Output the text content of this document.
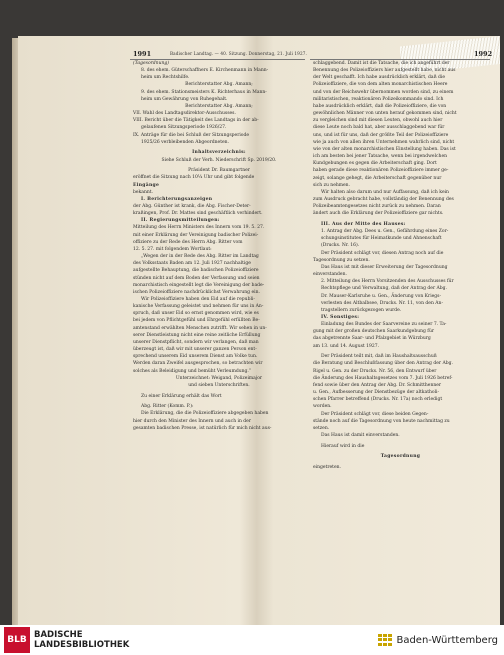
1991	Badischer Landtag. — 40. Sitzung. Donnerstag, 21. Juli 1927.	1992

(Tagesordnung)

8. des ehem. Güterschaffners E. Kirchenmann in Mann-

heim um Rechtshilfe.

Berichterstatter Abg. Amann;

9. des ehem. Stationsmeisters K. Richterhaus in Mann-

heim um Gewährung von Ruhegehalt.

Berichterstatter Abg. Amann;

VII. Wahl des Landtagsdirektor-Ausschusses.

VIII. Bericht über die Tätigkeit des Landtags in der ab-

gelaufenen Sitzungsperiode 1926/27.

IX. Anträge für die bei Schluß der Sitzungsperiode

1925/26 verbleibenden Abgeordneten.

Inhaltsverzeichnis:

Siehe Schluß der Verh. Niederschrift Sp. 2019/20.

Präsident Dr. Baumgartner

eröffnet die Sitzung nach 10¼ Uhr und gibt folgende

Eingänge

bekannt.

I. Berichterungsanzeigen

der Abg. Günther ist krank, die Abg. Fischer-Deter-

kraßingen, Prof. Dr. Mattes sind geschäftlich verhindert.

II. Regierungsmitteilungen:

Mitteilung des Herrn Ministers des Innern vom 19. 5. 27.

mit einer Erklärung der Vereinigung badischer Polizei-

offiziere zu der Rede des Herrn Abg. Ritter vom

12. 5. 27. mit folgendem Wortlaut:

„Wegen der in der Rede des Abg. Ritter im Landtag

des Volksstaats Baden am 12. Juli 1927 nachhaltige

aufgestellte Behauptung, die badischen Polizeioffiziere

stünden nicht auf dem Boden der Verfassung und seien

monarchistisch eingestellt legt die Vereinigung der bade-

ischen Polizeioffiziere nachdrücklichst Verwahrung ein.

Wir Polizeioffiziere haben den Eid auf die republi-

kanische Verfassung geleistet und nehmen für uns in An-

spruch, daß unser Eid so ernst genommen wird, wie es

bei jedem von Pflichtgefühl und Ehrgefühl erfüllten Be-

amtenstand erwählten Menschen zutrifft. Wir sehen in un-

serer Dienstleistung nicht eine reine zeitliche Erfüllung

unserer Dienstpflicht, sondern wir verlangen, daß man

überzeugt ist, daß wir mit unserer ganzen Person ent-

sprechend unserem Eid unserem Dienst am Volke tun.

Werden daran Zweifel ausgesprochen, so betrachten wir

solches als Beleidigung und bemüht Verleumdung.“

Unterzeichnet: Weigand, Polizeimajor

und sieben Unterschriften.

Zu einer Erklärung erhält das Wort

Abg. Ritter (Komm. P.):

Die Erklärung, die die Polizeioffiziere abgegeben haben

hier durch den Minister des Innern und auch in der

gesamten badischen Presse, ist natürlich für mich nicht aus-

schlaggebend. Damit ist die Tatsache, die ich angeführt der

Benennung des Polizeioffiziers hier aufgestellt habe, nicht aus

der Welt geschafft. Ich habe ausdrücklich erklärt, daß die

Polizeioffiziere, die von dem alten monarchistischen Heere

und von der Reichswehr übernommen worden sind, zu einem

militaristischen, reaktionären Polizeikommando sind. Ich

habe ausdrücklich erklärt, daß die Polizeioffiziere, die von

gewöhnlichen Männer von unten herauf gekommen sind, nicht

zu vergleichen sind mit diesen Leuten, obwohl auch hier

diese Leute noch bald hat, aber ausschlaggebend war für

uns, und ist für uns, daß der größte Teil der Polizeioffiziere

wie ja auch von allen ihren Unternehmen wahrlich sind, nicht

wie von der alten monarchistischen Einstellung haben. Das ist

ich am besten bei jener Tatsache, wenn bei irgendwelchen

Kundgebungen es gegen die Arbeiterschaft ging. Dort

haben gerade diese reaktionären Polizeioffiziere immer ge-

zeigt, solange gehegt, die Arbeiterschaft gegenüber nur

sich zu nehmen.

Wir halten also darum und nur Auffassung, daß ich kein

zum Ausdruck gebracht habe, vollständig der Benennung des

Polizeibeamtengesetzes nicht zurück zu nehmen. Daran

ändert auch die Erklärung der Polizeioffiziere gar nichts.

III. Aus der Mitte des Hauses:

1. Antrag der Abg. Dees u. Gen., Gefährdung eines Zor-

schungsinstitutes für Heimatkunde und Ahnenschaft

(Drucks. Nr. 16).

Der Präsident schlägt vor, diesen Antrag noch auf die

Tagesordnung zu setzen.

Das Haus ist mit dieser Erweiterung der Tagesordnung

einverstanden.

2. Mitteilung des Herrn Vorsitzenden des Ausschusses für

Rechtspflege und Verwaltung, daß der Antrag der Abg.

Dr. Mauser-Karlsruhe u. Gen., Änderung von Kriegs-

verlesten des Altbalbsee, Drucks. Nr. 11, von den An-

tragstellern zurückgezogen wurde.

IV. Sonstiges:

Einladung des Bundes der Saarvereine zu seiner 7. Ta-

gung mit der großen deutschen Saarkundgebung für

das abgetrennte Saar- und Pfalzgebiet in Würzburg

am 13. und 14. August 1927.

Der Präsident teilt mit, daß im Haushaltsausschuß

die Beratung und Beschlußfassung über den Antrag der Abg.

Rigel u. Gen. zu der Drucks. Nr. 56, den Entwurf über

die Änderung des Haushaltsgesetzes vom 7. Juli 1926 betref-

fend sowie über den Antrag der Abg. Dr. Schmitthenner

u. Gen., Aufbesserung der Dienstbezüge der altkatholi-

schen Pfarrer betreffend (Drucks. Nr. 17a) noch erledigt

worden.

Der Präsident schlägt vor, diese beiden Gegen-

stände noch auf die Tagesordnung von heute nachmittag zu

setzen.

Das Haus ist damit einverstanden.

Hierauf wird in die

Tagesordnung

eingetreten.

BLB BADISCHE
LANDESBIBLIOTHEK	Baden-Württemberg
